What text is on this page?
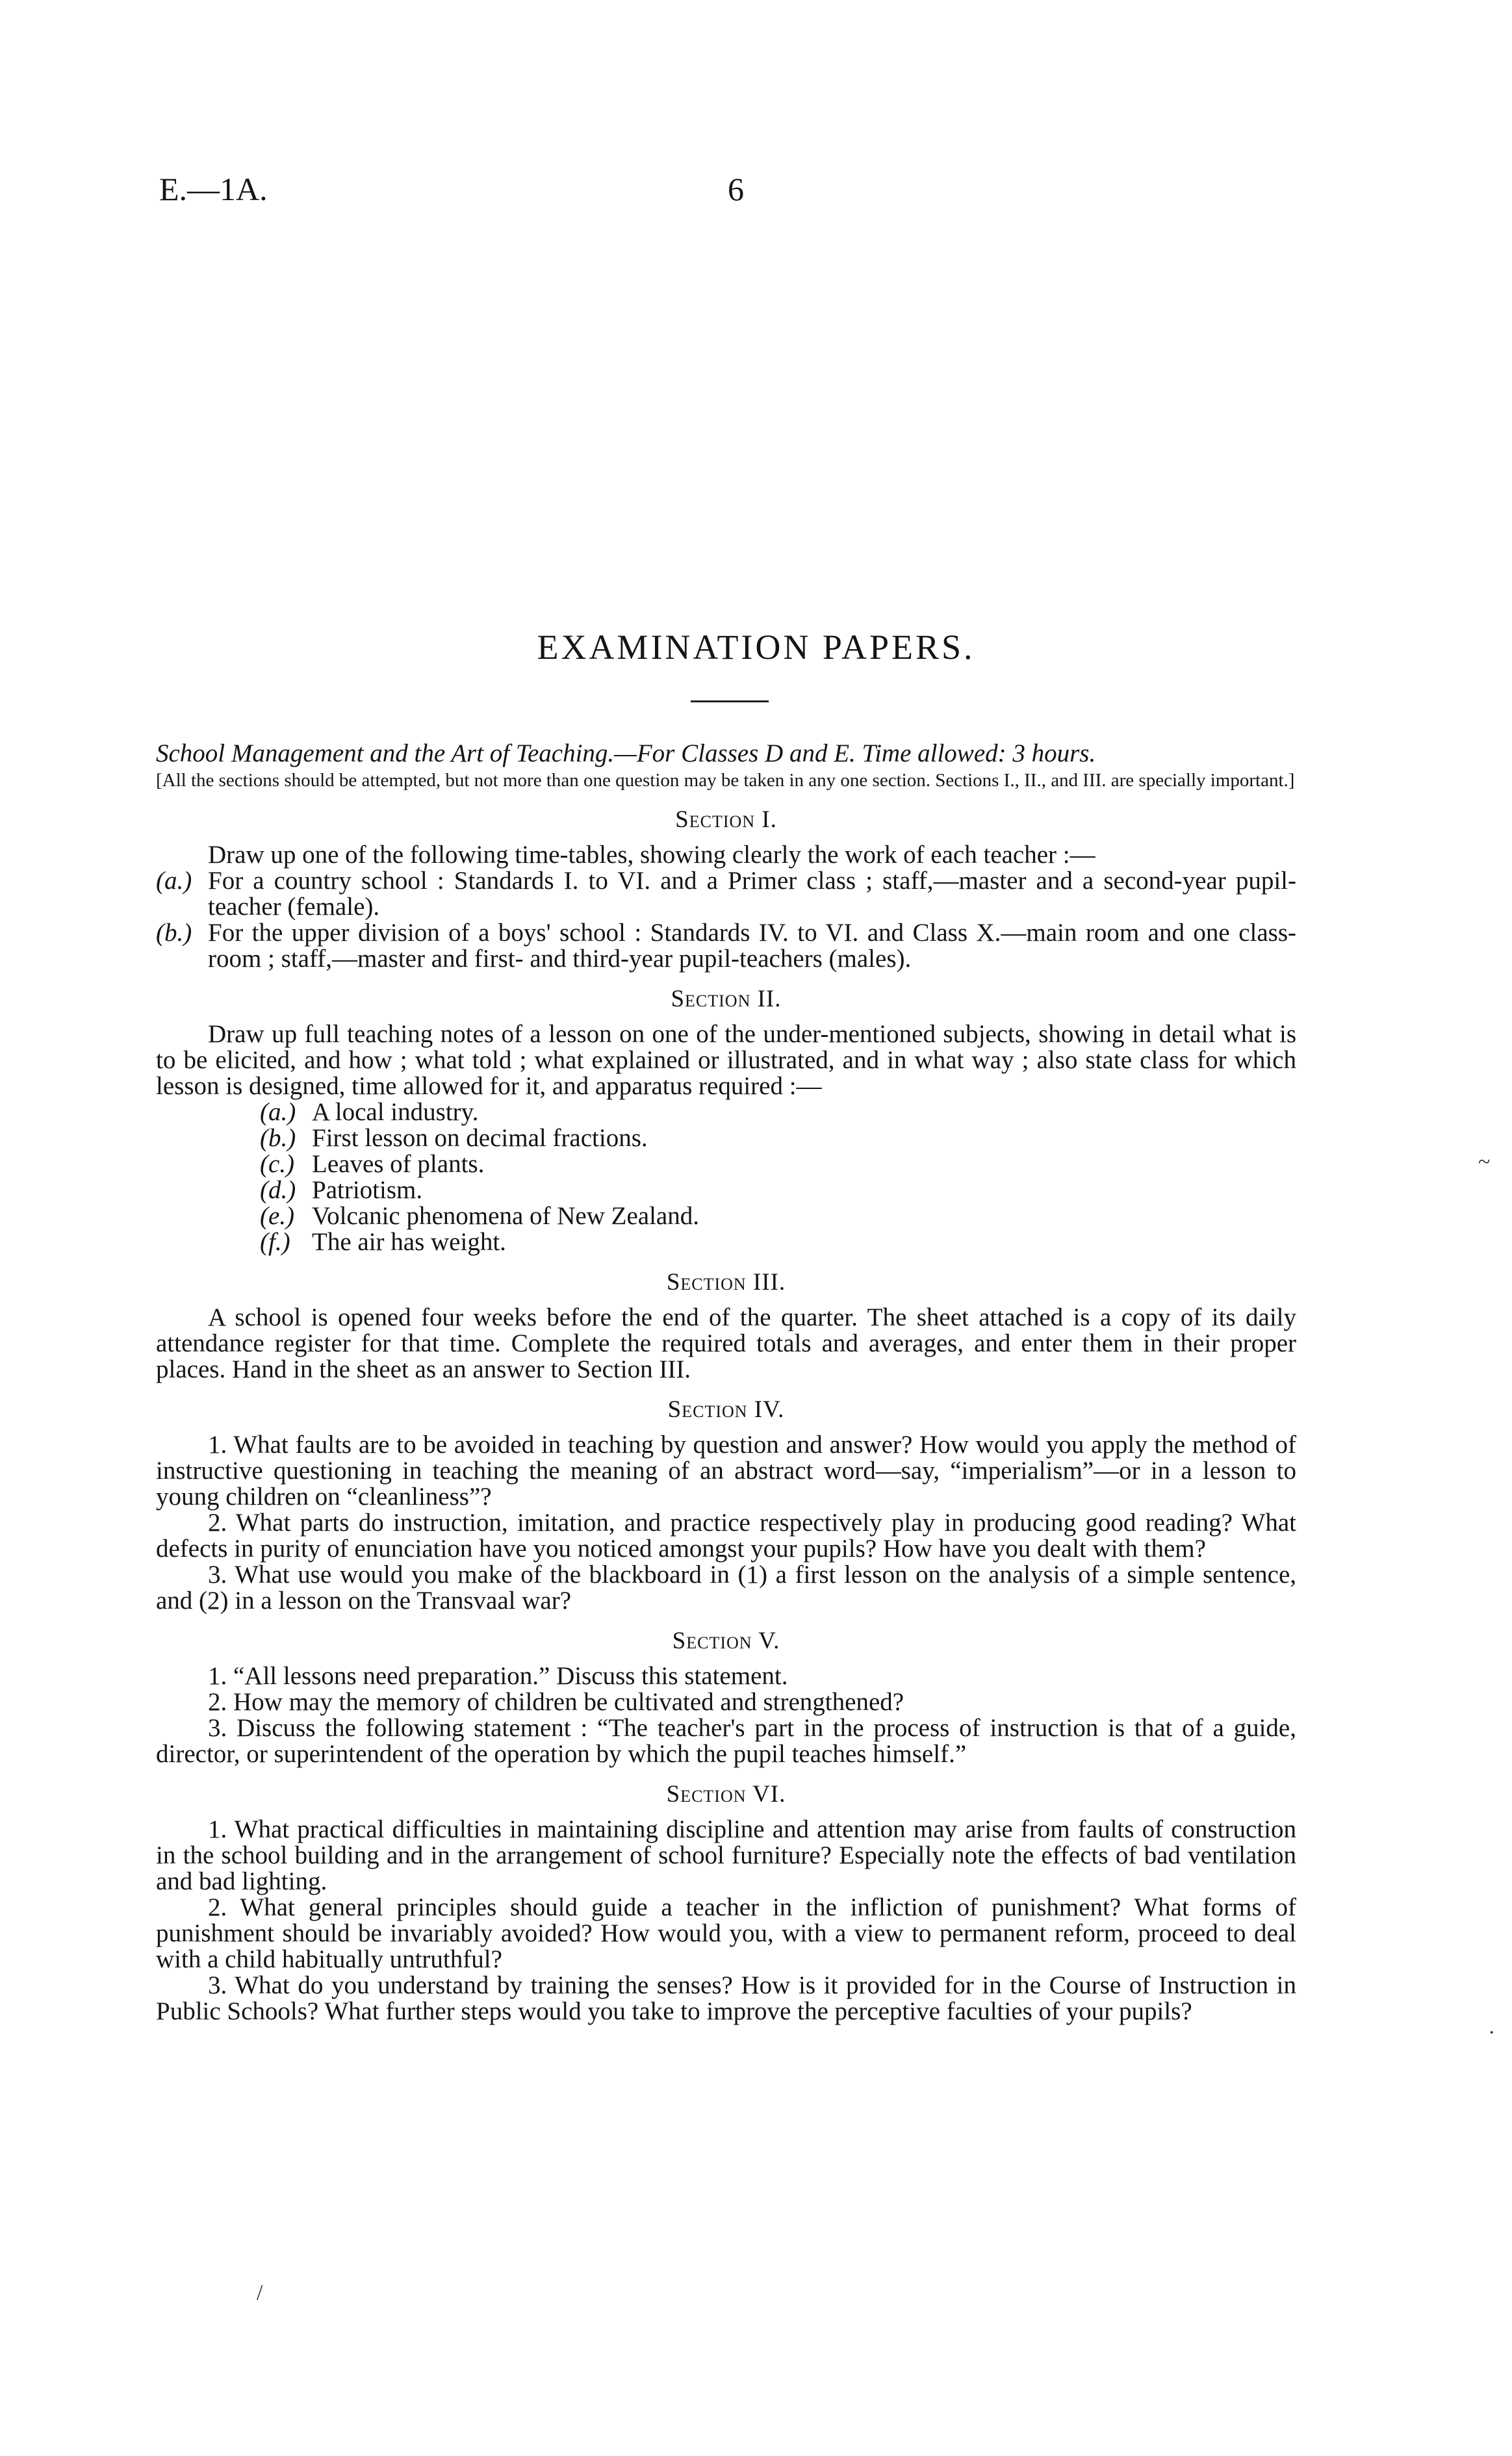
E.—1A.	6
EXAMINATION PAPERS.

School Management and the Art of Teaching.—For Classes D and E. Time allowed: 3 hours.

[All the sections should be attempted, but not more than one question may be taken in any one section. Sections I., II., and III. are specially important.]

Section I.

Draw up one of the following time-tables, showing clearly the work of each teacher :—

(a.) For a country school : Standards I. to VI. and a Primer class ; staff,—master and a second-year pupil-teacher (female).

(b.) For the upper division of a boys' school : Standards IV. to VI. and Class X.—main room and one class-room ; staff,—master and first- and third-year pupil-teachers (males).

Section II.

Draw up full teaching notes of a lesson on one of the under-mentioned subjects, showing in detail what is to be elicited, and how ; what told ; what explained or illustrated, and in what way ; also state class for which lesson is designed, time allowed for it, and apparatus required :—

(a.) A local industry.
(b.) First lesson on decimal fractions.
(c.) Leaves of plants.
(d.) Patriotism.
(e.) Volcanic phenomena of New Zealand.
(f.) The air has weight.

Section III.

A school is opened four weeks before the end of the quarter. The sheet attached is a copy of its daily attendance register for that time. Complete the required totals and averages, and enter them in their proper places. Hand in the sheet as an answer to Section III.

Section IV.

1. What faults are to be avoided in teaching by question and answer? How would you apply the method of instructive questioning in teaching the meaning of an abstract word—say, “imperialism”—or in a lesson to young children on “cleanliness”?

2. What parts do instruction, imitation, and practice respectively play in producing good reading? What defects in purity of enunciation have you noticed amongst your pupils? How have you dealt with them?

3. What use would you make of the blackboard in (1) a first lesson on the analysis of a simple sentence, and (2) in a lesson on the Transvaal war?

Section V.

1. “All lessons need preparation.” Discuss this statement.

2. How may the memory of children be cultivated and strengthened?

3. Discuss the following statement : “The teacher's part in the process of instruction is that of a guide, director, or superintendent of the operation by which the pupil teaches himself.”

Section VI.

1. What practical difficulties in maintaining discipline and attention may arise from faults of construction in the school building and in the arrangement of school furniture? Especially note the effects of bad ventilation and bad lighting.

2. What general principles should guide a teacher in the infliction of punishment? What forms of punishment should be invariably avoided? How would you, with a view to permanent reform, proceed to deal with a child habitually untruthful?

3. What do you understand by training the senses? How is it provided for in the Course of Instruction in Public Schools? What further steps would you take to improve the perceptive faculties of your pupils?

~
·
/
